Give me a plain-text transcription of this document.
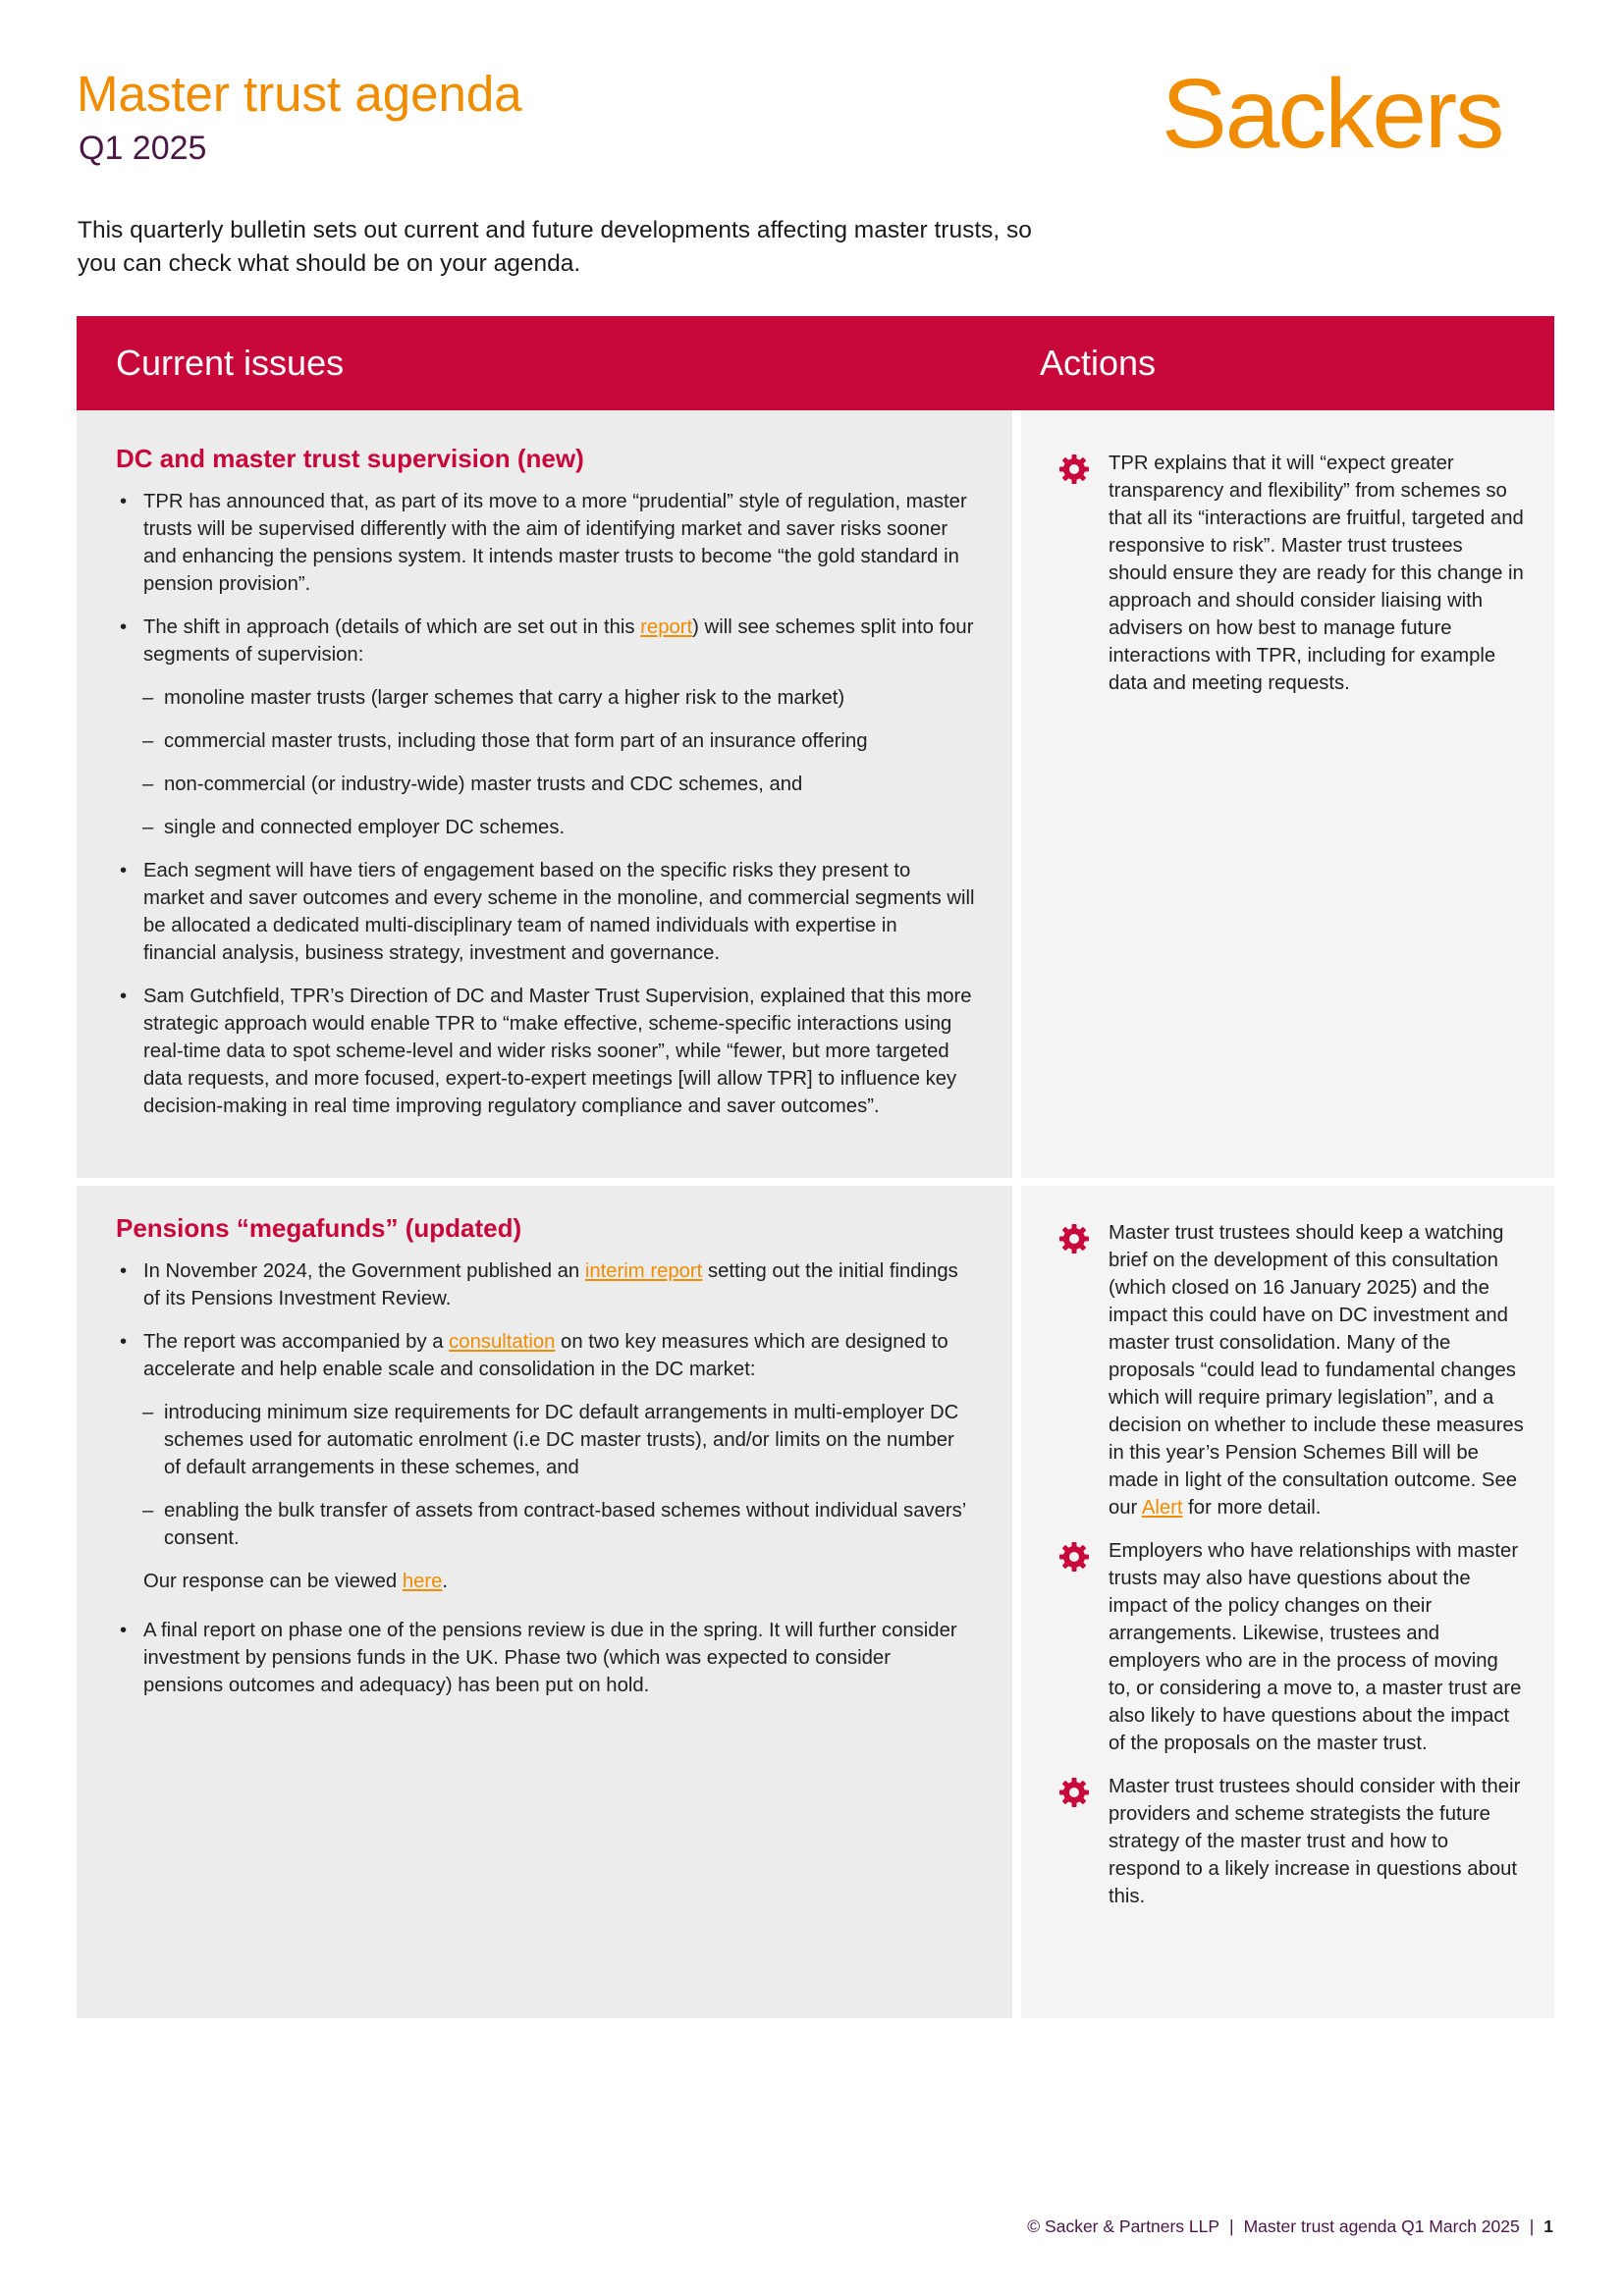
Master trust agenda
Q1 2025	Sackers
This quarterly bulletin sets out current and future developments affecting master trusts, so you can check what should be on your agenda.
Current issues	Actions
DC and master trust supervision (new)
• TPR has announced that, as part of its move to a more “prudential” style of regulation, master trusts will be supervised differently with the aim of identifying market and saver risks sooner and enhancing the pensions system. It intends master trusts to become “the gold standard in pension provision”.
• The shift in approach (details of which are set out in this report) will see schemes split into four segments of supervision:
– monoline master trusts (larger schemes that carry a higher risk to the market)
– commercial master trusts, including those that form part of an insurance offering
– non-commercial (or industry-wide) master trusts and CDC schemes, and
– single and connected employer DC schemes.
• Each segment will have tiers of engagement based on the specific risks they present to market and saver outcomes and every scheme in the monoline, and commercial segments will be allocated a dedicated multi-disciplinary team of named individuals with expertise in financial analysis, business strategy, investment and governance.
• Sam Gutchfield, TPR’s Direction of DC and Master Trust Supervision, explained that this more strategic approach would enable TPR to “make effective, scheme-specific interactions using real-time data to spot scheme-level and wider risks sooner”, while “fewer, but more targeted data requests, and more focused, expert-to-expert meetings [will allow TPR] to influence key decision-making in real time improving regulatory compliance and saver outcomes”.
TPR explains that it will “expect greater transparency and flexibility” from schemes so that all its “interactions are fruitful, targeted and responsive to risk”. Master trust trustees should ensure they are ready for this change in approach and should consider liaising with advisers on how best to manage future interactions with TPR, including for example data and meeting requests.
Pensions “megafunds” (updated)
• In November 2024, the Government published an interim report setting out the initial findings of its Pensions Investment Review.
• The report was accompanied by a consultation on two key measures which are designed to accelerate and help enable scale and consolidation in the DC market:
– introducing minimum size requirements for DC default arrangements in multi-employer DC schemes used for automatic enrolment (i.e DC master trusts), and/or limits on the number of default arrangements in these schemes, and
– enabling the bulk transfer of assets from contract-based schemes without individual savers’ consent.
Our response can be viewed here.
• A final report on phase one of the pensions review is due in the spring. It will further consider investment by pensions funds in the UK. Phase two (which was expected to consider pensions outcomes and adequacy) has been put on hold.
Master trust trustees should keep a watching brief on the development of this consultation (which closed on 16 January 2025) and the impact this could have on DC investment and master trust consolidation. Many of the proposals “could lead to fundamental changes which will require primary legislation”, and a decision on whether to include these measures in this year’s Pension Schemes Bill will be made in light of the consultation outcome. See our Alert for more detail.
Employers who have relationships with master trusts may also have questions about the impact of the policy changes on their arrangements. Likewise, trustees and employers who are in the process of moving to, or considering a move to, a master trust are also likely to have questions about the impact of the proposals on the master trust.
Master trust trustees should consider with their providers and scheme strategists the future strategy of the master trust and how to respond to a likely increase in questions about this.
© Sacker & Partners LLP | Master trust agenda Q1 March 2025 | 1
